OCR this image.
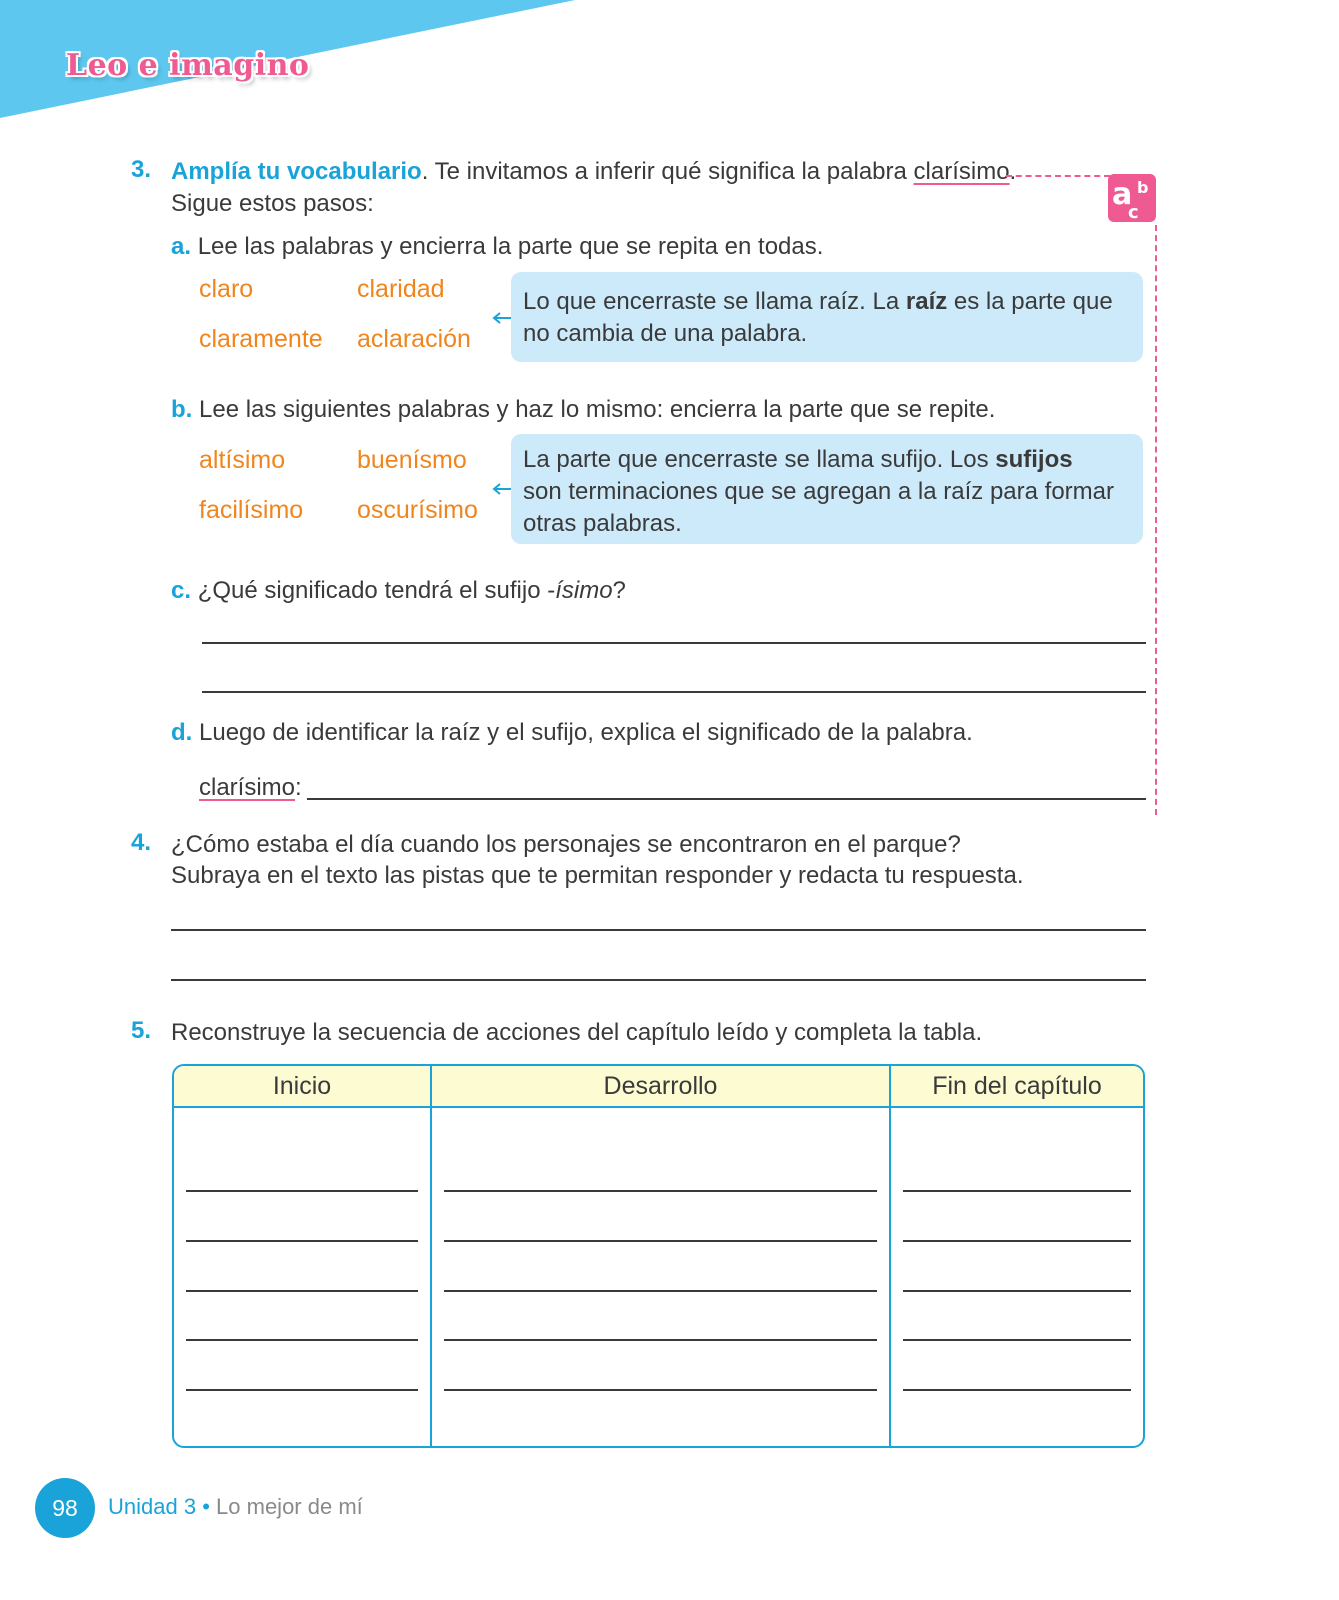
Leo e imagino
3. Amplía tu vocabulario. Te invitamos a inferir qué significa la palabra clarísimo.
Sigue estos pasos:	a b
c
a. Lee las palabras y encierra la parte que se repita en todas.
claro	claridad
claramente aclaración
Lo que encerraste se llama raíz. La raíz es la parte que
no cambia de una palabra.
b. Lee las siguientes palabras y haz lo mismo: encierra la parte que se repite.
altísimo	buenísmo
facilísimo oscurísimo
La parte que encerraste se llama sufijo. Los sufijos
son terminaciones que se agregan a la raíz para formar
otras palabras.
c. ¿Qué significado tendrá el sufijo -ísimo?
d. Luego de identificar la raíz y el sufijo, explica el significado de la palabra.
clarísimo:
4. ¿Cómo estaba el día cuando los personajes se encontraron en el parque?
Subraya en el texto las pistas que te permitan responder y redacta tu respuesta.
5. Reconstruye la secuencia de acciones del capítulo leído y completa la tabla.
Inicio	Desarrollo	Fin del capítulo

98	Unidad 3 • Lo mejor de mí
